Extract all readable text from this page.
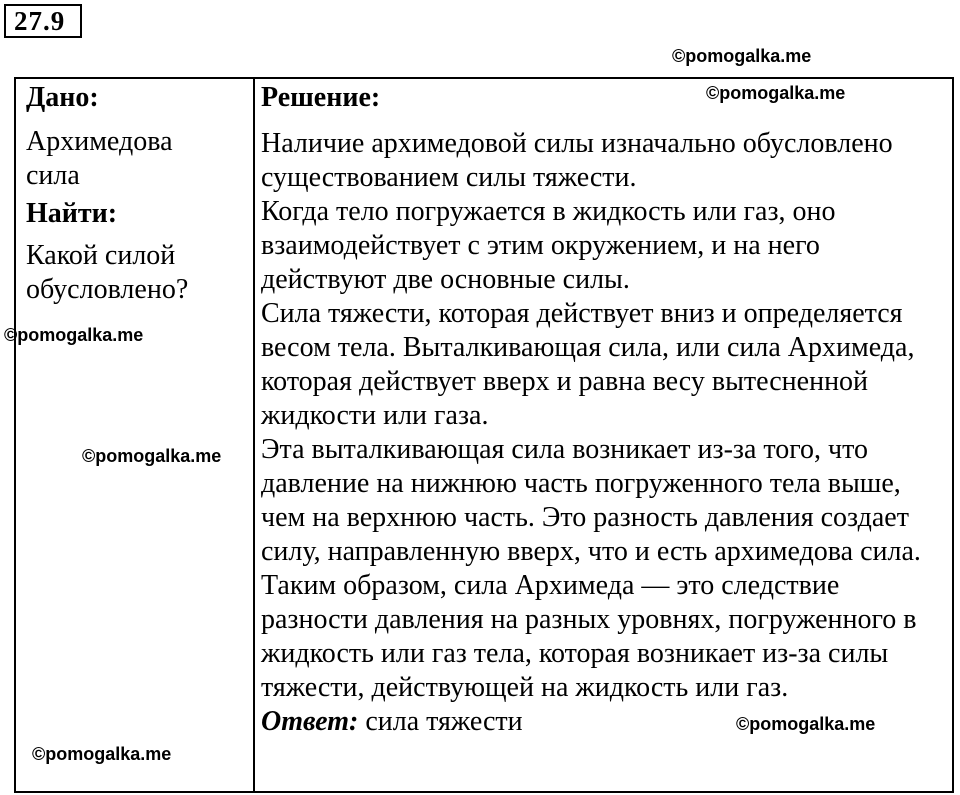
27.9
Дано:
Архимедова сила
Найти:
Какой силой обусловлено?
Решение:
Наличие архимедовой силы изначально обусловлено существованием силы тяжести.
Когда тело погружается в жидкость или газ, оно взаимодействует с этим окружением, и на него действуют две основные силы.
Сила тяжести, которая действует вниз и определяется весом тела. Выталкивающая сила, или сила Архимеда, которая действует вверх и равна весу вытесненной жидкости или газа.
Эта выталкивающая сила возникает из-за того, что давление на нижнюю часть погруженного тела выше, чем на верхнюю часть. Это разность давления создает силу, направленную вверх, что и есть архимедова сила. Таким образом, сила Архимеда — это следствие разности давления на разных уровнях, погруженного в жидкость или газ тела, которая возникает из-за силы тяжести, действующей на жидкость или газ.
Ответ: сила тяжести
©pomogalka.me
©pomogalka.me
©pomogalka.me
©pomogalka.me
©pomogalka.me
©pomogalka.me
